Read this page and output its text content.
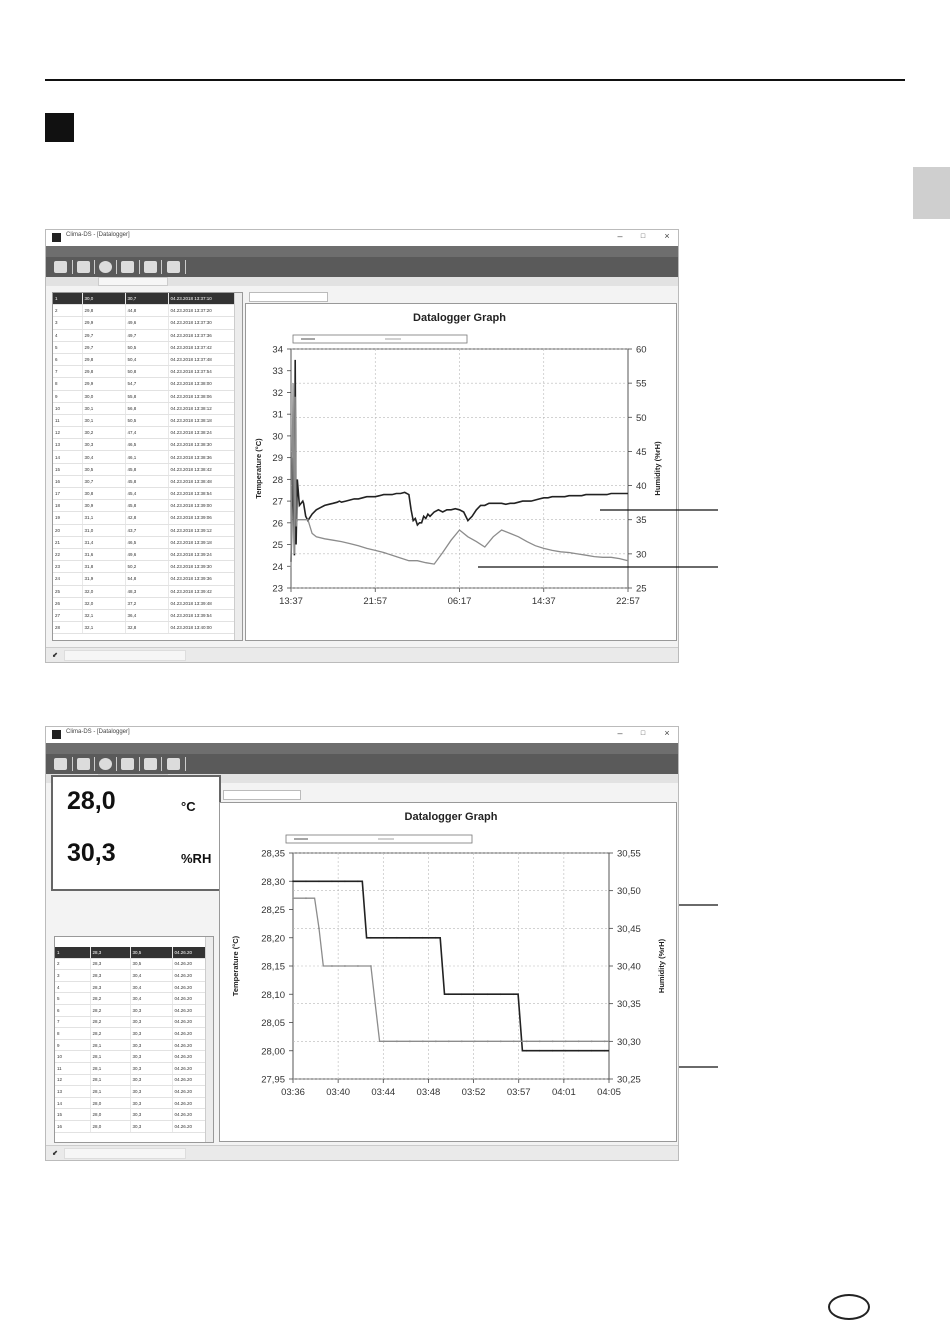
Clima-DS - [Datalogger]	–	□	×
1	30,0	30,7	04.23.2018 13:37:10
2	29,8	44,8	04.23.2018 13:37:20
3	29,9	49,6	04.23.2018 13:37:30
4	29,7	49,7	04.23.2018 13:37:36
5	29,7	50,5	04.23.2018 13:37:42
6	29,8	50,4	04.23.2018 13:37:48
7	29,8	50,8	04.23.2018 13:37:54
8	29,9	54,7	04.23.2018 13:38:00
9	30,0	55,8	04.23.2018 13:38:06
10	30,1	56,8	04.23.2018 13:38:12
11	30,1	50,5	04.23.2018 13:38:18
12	30,2	47,4	04.23.2018 13:38:24
13	30,3	46,5	04.23.2018 13:38:30
14	30,4	46,1	04.23.2018 13:38:36
15	30,5	45,8	04.23.2018 13:38:42
16	30,7	45,8	04.23.2018 13:38:48
17	30,8	45,4	04.23.2018 13:38:54
18	30,9	45,8	04.23.2018 13:39:00
19	31,1	42,8	04.23.2018 13:39:06
20	31,0	43,7	04.23.2018 13:39:12
21	31,4	46,5	04.23.2018 13:39:18
22	31,6	49,6	04.23.2018 13:39:24
23	31,8	50,2	04.23.2018 13:39:30
24	31,9	54,8	04.23.2018 13:39:36
25	32,0	48,3	04.23.2018 13:39:42
26	32,0	37,2	04.23.2018 13:39:48
27	32,1	36,4	04.23.2018 13:39:54
28	32,1	32,8	04.23.2018 13:40:00
Datalogger Graph
13:37	21:57	06:17	14:37	22:57
23
24
25
26
27
28
29
30
31
32
33
34
25
30
35
40
45
50
55
60
Temperature (°C)	Humidity (%rH)
⬋
Clima-DS - [Datalogger]	–	□	×
28,0	°C
30,3	%RH
1	28,3	30,5	04.26.20
2	28,3	30,5	04.26.20
3	28,3	30,4	04.26.20
4	28,3	30,4	04.26.20
5	28,2	30,4	04.26.20
6	28,2	30,3	04.26.20
7	28,2	30,3	04.26.20
8	28,2	30,3	04.26.20
9	28,1	30,3	04.26.20
10	28,1	30,3	04.26.20
11	28,1	30,3	04.26.20
12	28,1	30,3	04.26.20
13	28,1	30,3	04.26.20
14	28,0	30,3	04.26.20
15	28,0	30,3	04.26.20
16	28,0	30,3	04.26.20
Datalogger Graph
03:36 03:40 03:44 03:48 03:52 03:57 04:01 04:05
27,95
28,00
28,05
28,10
28,15
28,20
28,25
28,30
28,35
30,25
30,30
30,35
30,40
30,45
30,50
30,55
Temperature (°C)	Humidity (%rH)
⬋
